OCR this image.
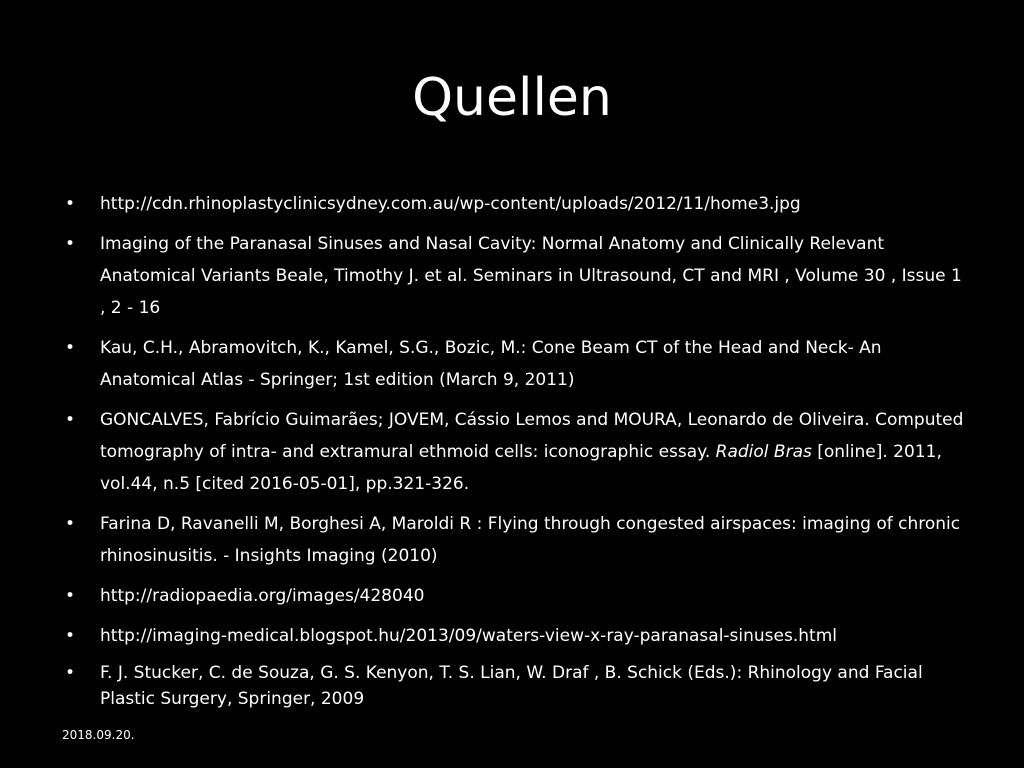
Quellen
• http://cdn.rhinoplastyclinicsydney.com.au/wp-content/uploads/2012/11/home3.jpg
• Imaging of the Paranasal Sinuses and Nasal Cavity: Normal Anatomy and Clinically Relevant Anatomical Variants Beale, Timothy J. et al. Seminars in Ultrasound, CT and MRI , Volume 30 , Issue 1 , 2 - 16
• Kau, C.H., Abramovitch, K., Kamel, S.G., Bozic, M.: Cone Beam CT of the Head and Neck- An Anatomical Atlas - Springer; 1st edition (March 9, 2011)
• GONCALVES, Fabrício Guimarães; JOVEM, Cássio Lemos and MOURA, Leonardo de Oliveira. Computed tomography of intra- and extramural ethmoid cells: iconographic essay. Radiol Bras [online]. 2011, vol.44, n.5 [cited 2016-05-01], pp.321-326.
• Farina D, Ravanelli M, Borghesi A, Maroldi R : Flying through congested airspaces: imaging of chronic rhinosinusitis. - Insights Imaging (2010)
• http://radiopaedia.org/images/428040
• http://imaging-medical.blogspot.hu/2013/09/waters-view-x-ray-paranasal-sinuses.html
• F. J. Stucker, C. de Souza, G. S. Kenyon, T. S. Lian, W. Draf , B. Schick (Eds.): Rhinology and Facial Plastic Surgery, Springer, 2009
2018.09.20.
